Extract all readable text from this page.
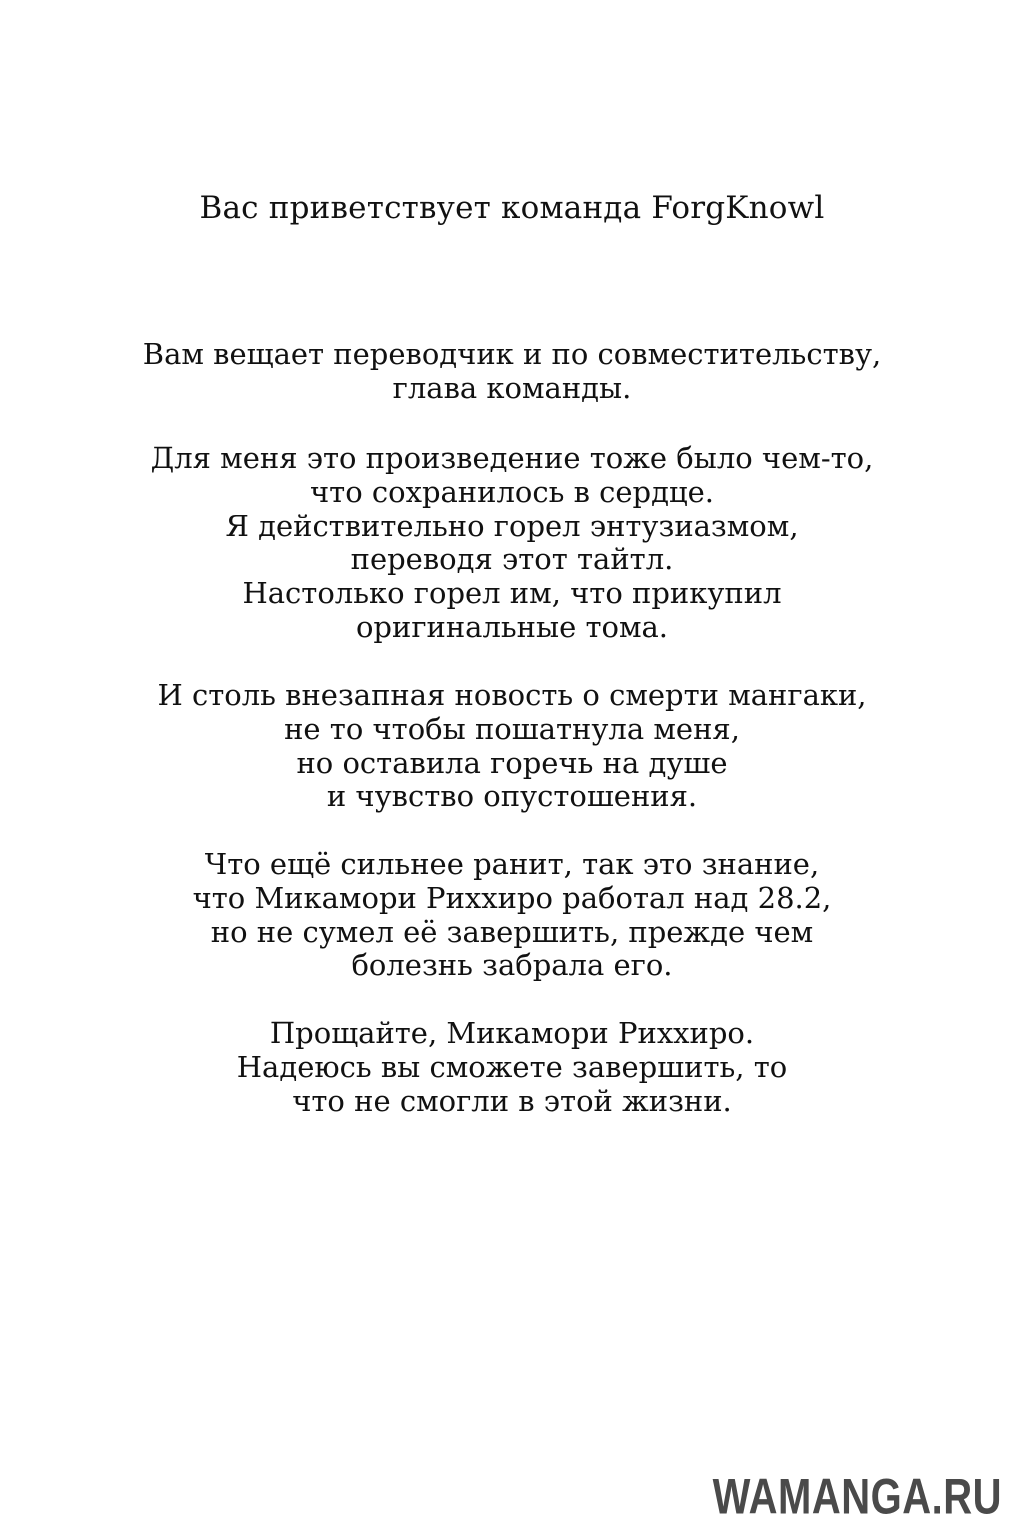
Вас приветствует команда ForgKnowl
Вам вещает переводчик и по совместительству,
глава команды.
Для меня это произведение тоже было чем-то,
что сохранилось в сердце.
Я действительно горел энтузиазмом,
переводя этот тайтл.
Настолько горел им, что прикупил
оригинальные тома.
И столь внезапная новость о смерти мангаки,
не то чтобы пошатнула меня,
но оставила горечь на душе
и чувство опустошения.
Что ещё сильнее ранит, так это знание,
что Микамори Риххиро работал над 28.2,
но не сумел её завершить, прежде чем
болезнь забрала его.
Прощайте, Микамори Риххиро.
Надеюсь вы сможете завершить, то
что не смогли в этой жизни.
WAMANGA.RU
